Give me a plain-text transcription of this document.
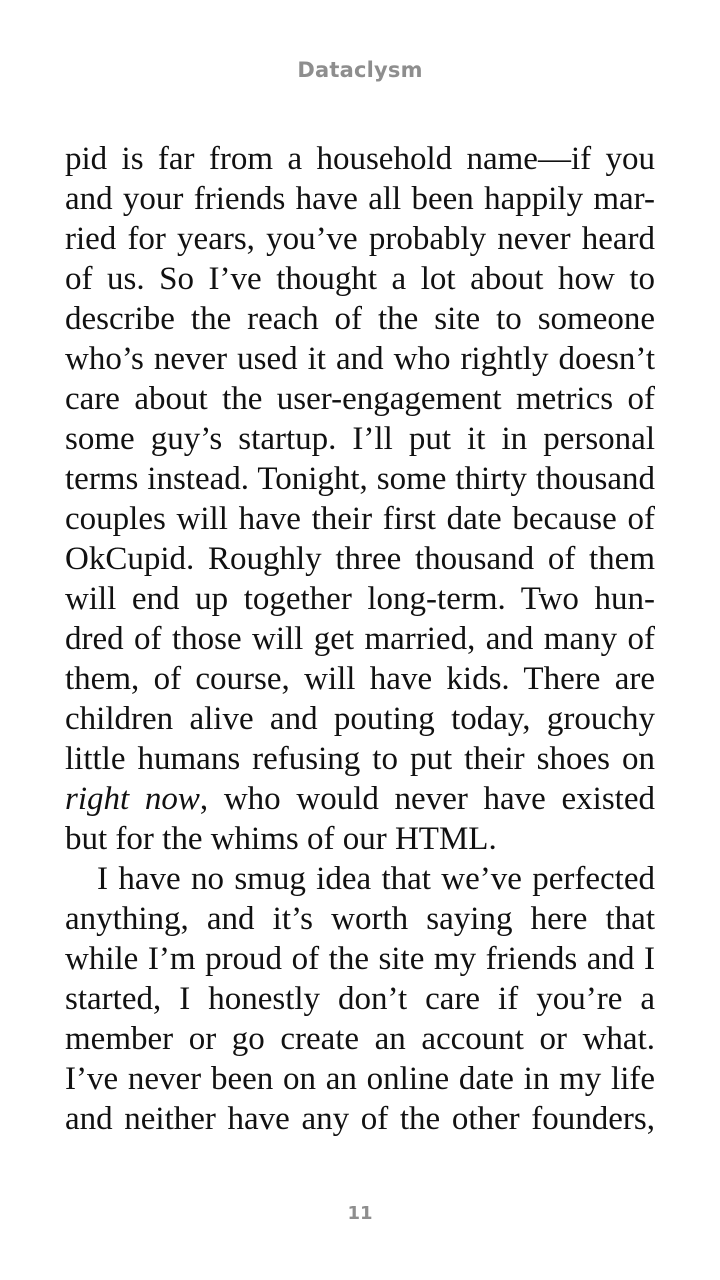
Dataclysm
pid is far from a household name—if you
and your friends have all been happily mar-
ried for years, you’ve probably never heard
of us. So I’ve thought a lot about how to
describe the reach of the site to someone
who’s never used it and who rightly doesn’t
care about the user-engagement metrics of
some guy’s startup. I’ll put it in personal
terms instead. Tonight, some thirty thousand
couples will have their first date because of
OkCupid. Roughly three thousand of them
will end up together long-term. Two hun-
dred of those will get married, and many of
them, of course, will have kids. There are
children alive and pouting today, grouchy
little humans refusing to put their shoes on
right now, who would never have existed
but for the whims of our HTML.
I have no smug idea that we’ve perfected
anything, and it’s worth saying here that
while I’m proud of the site my friends and I
started, I honestly don’t care if you’re a
member or go create an account or what.
I’ve never been on an online date in my life
and neither have any of the other founders,
11
